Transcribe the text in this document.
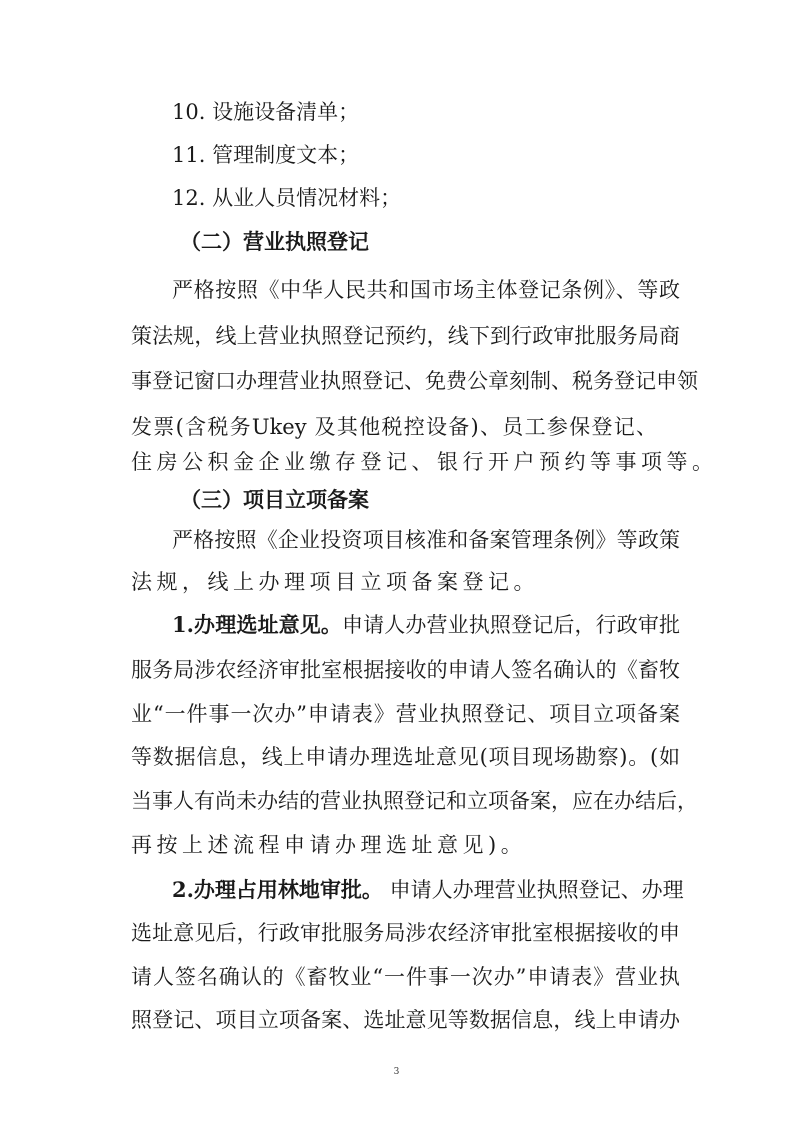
10. 设施设备清单；
11. 管理制度文本；
12. 从业人员情况材料；
（二）营业执照登记
严格按照《中华人民共和国市场主体登记条例》、等政
策法规，线上营业执照登记预约，线下到行政审批服务局商
事登记窗口办理营业执照登记、免费公章刻制、税务登记申领
发票(含税务Ukey 及其他税控设备)、员工参保登记、
住房公积金企业缴存登记、银行开户预约等事项等。
（三）项目立项备案
严格按照《企业投资项目核准和备案管理条例》等政策
法规，线上办理项目立项备案登记。
1.办理选址意见。申请人办营业执照登记后，行政审批
服务局涉农经济审批室根据接收的申请人签名确认的《畜牧
业“一件事一次办”申请表》营业执照登记、项目立项备案
等数据信息，线上申请办理选址意见(项目现场勘察)。(如
当事人有尚未办结的营业执照登记和立项备案，应在办结后，
再按上述流程申请办理选址意见)。
2.办理占用林地审批。 申请人办理营业执照登记、办理
选址意见后，行政审批服务局涉农经济审批室根据接收的申
请人签名确认的《畜牧业“一件事一次办”申请表》营业执
照登记、项目立项备案、选址意见等数据信息，线上申请办
3
